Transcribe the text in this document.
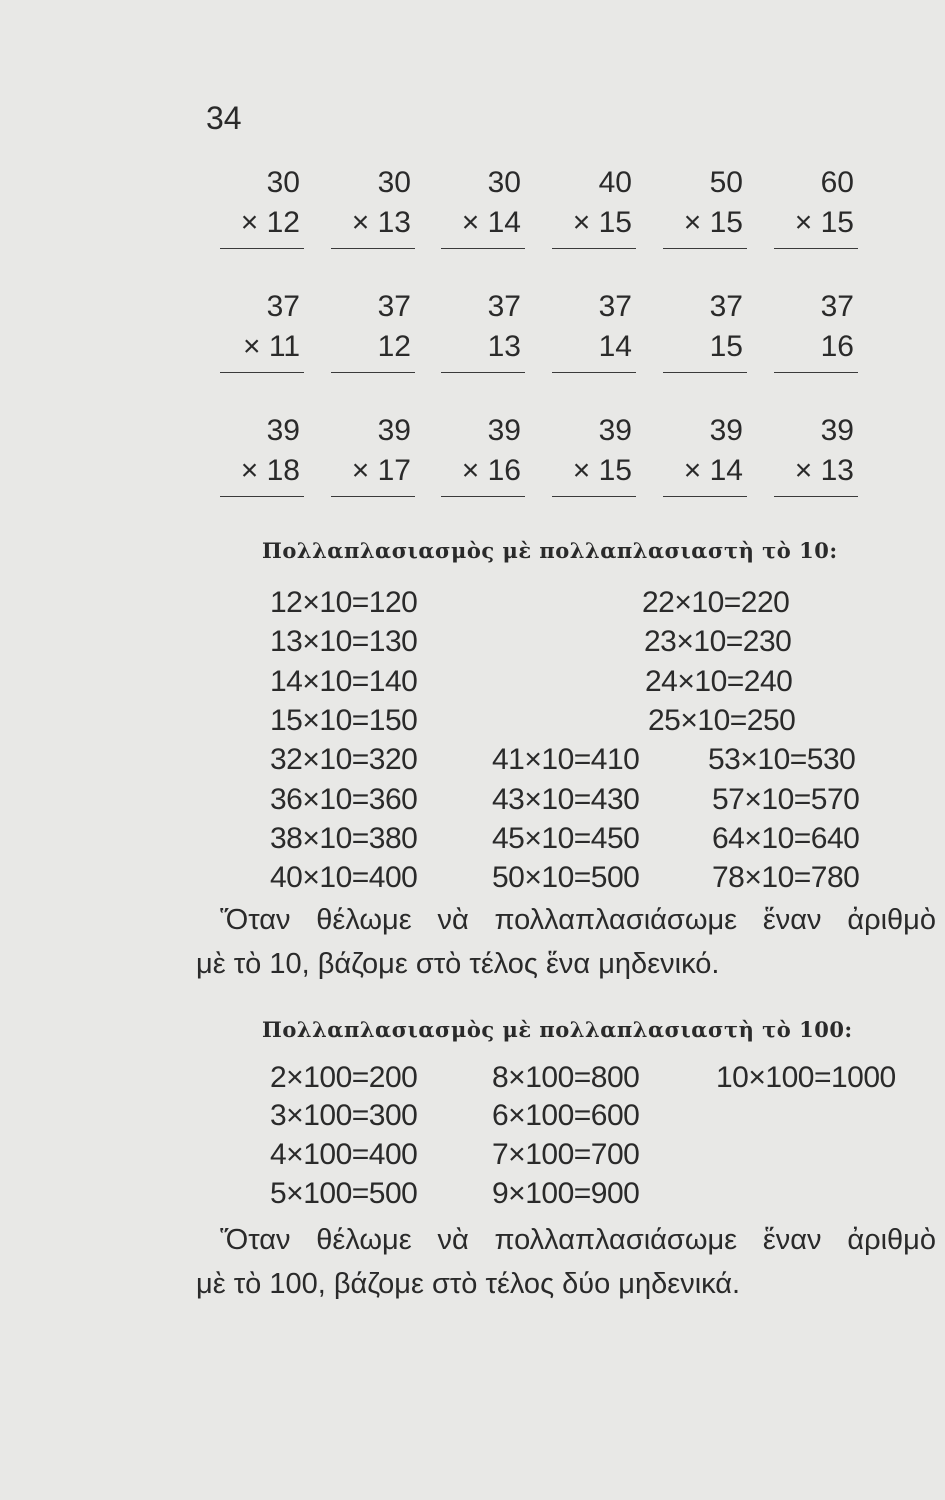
34
30
× 12
30
× 13
30
× 14
40
× 15
50
× 15
60
× 15
37
× 11
37
12
37
13
37
14
37
15
37
16
39
× 18
39
× 17
39
× 16
39
× 15
39
× 14
39
× 13
Πολλαπλασιασμὸς μὲ πολλαπλασιαστὴ τὸ 10:
12×10=120
13×10=130
14×10=140
15×10=150
32×10=320
36×10=360
38×10=380
40×10=400
41×10=410
43×10=430
45×10=450
50×10=500
22×10=220
23×10=230
24×10=240
25×10=250
53×10=530
57×10=570
64×10=640
78×10=780
Ὅταν θέλωμε νὰ πολλαπλασιάσωμε ἕναν ἀριθμὸ
μὲ τὸ 10, βάζομε στὸ τέλος ἕνα μηδενικό.
Πολλαπλασιασμὸς μὲ πολλαπλασιαστὴ τὸ 100:
2×100=200
3×100=300
4×100=400
5×100=500
8×100=800
6×100=600
7×100=700
9×100=900
10×100=1000
Ὅταν θέλωμε νὰ πολλαπλασιάσωμε ἕναν ἀριθμὸ
μὲ τὸ 100, βάζομε στὸ τέλος δύο μηδενικά.
